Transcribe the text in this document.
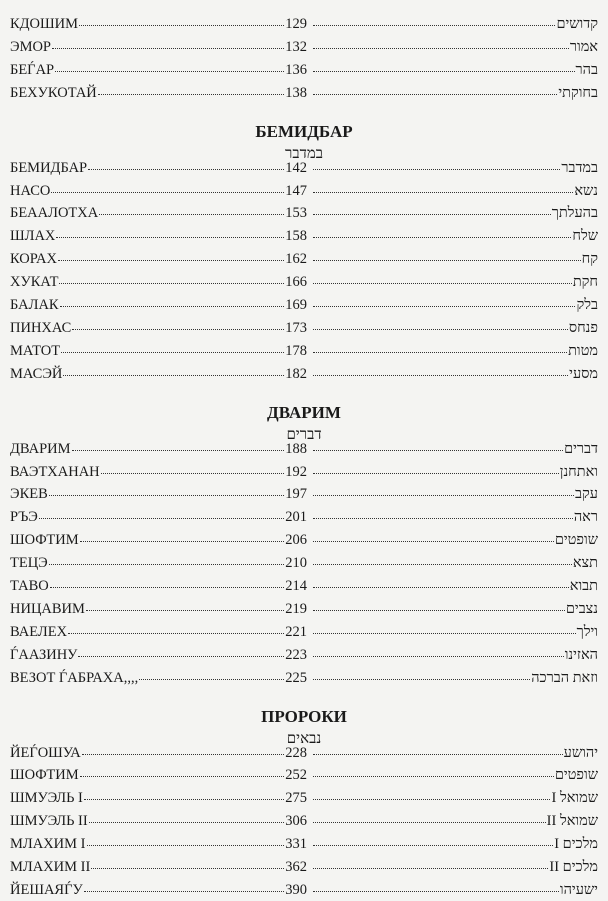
КДОШИМ	129	קדושים
ЭМОР	132	אמור
БЕЃАР	136	בהר
БЕХУКОТАЙ	138	בחוקתי
БЕМИДБАР
במדבר
БЕМИДБАР	142	במדבר
НАСО	147	נשא
БЕААЛОТХА	153	בהעלתך
ШЛАХ	158	שלח
КОРАХ	162	קח
ХУКАТ	166	חקת
БАЛАК	169	בלק
ПИНХАС	173	פנחס
МАТОТ	178	מטות
МАСЭЙ	182	מסעי
ДВАРИМ
דברים
ДВАРИМ	188	דברים
ВАЭТХАНАН	192	ואתחנן
ЭКЕВ	197	עקב
РЪЭ	201	ראה
ШОФТИМ	206	שופטים
ТЕЦЭ	210	תצא
ТАВО	214	תבוא
НИЦАВИМ	219	נצבים
ВАЕЛЕХ	221	וילך
ЃААЗИНУ	223	האזינו
ВЕЗОТ ЃАБРАХА,,,,	225	וזאת הברכה
ПРОРОКИ
נבאים
ЙЕЃОШУА	228	יהושע
ШОФТИМ	252	שופטים
ШМУЭЛЬ I	275	שמואל I
ШМУЭЛЬ II	306	שמואל II
МЛАХИМ I	331	מלכים I
МЛАХИМ II	362	מלכים II
ЙЕШАЯЃУ	390	ישעיהו
